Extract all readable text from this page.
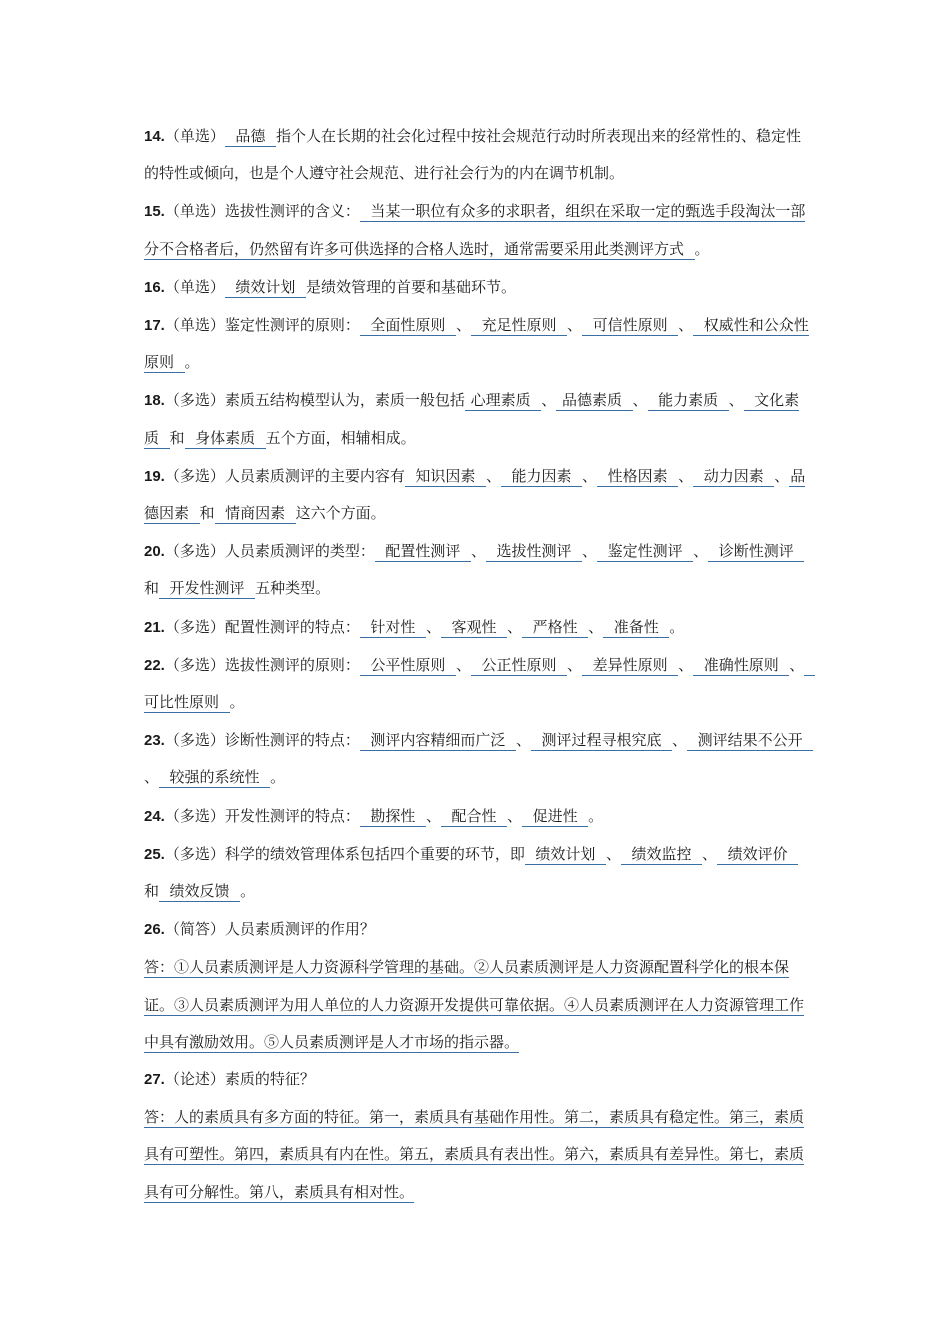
14.（单选）  品德  指个人在长期的社会化过程中按社会规范行动时所表现出来的经常性的、稳定性的特性或倾向，也是个人遵守社会规范、进行社会行为的内在调节机制。
15.（单选）选拔性测评的含义：  当某一职位有众多的求职者，组织在采取一定的甄选手段淘汰一部分不合格者后，仍然留有许多可供选择的合格人选时，通常需要采用此类测评方式  。
16.（单选）  绩效计划  是绩效管理的首要和基础环节。
17.（单选）鉴定性测评的原则：  全面性原则  、  充足性原则  、  可信性原则  、  权威性和公众性原则  。
18.（多选）素质五结构模型认为，素质一般包括 心理素质  、 品德素质  、  能力素质  、  文化素质  和  身体素质  五个方面，相辅相成。
19.（多选）人员素质测评的主要内容有  知识因素  、  能力因素  、  性格因素  、  动力因素  、品德因素  和  情商因素  这六个方面。
20.（多选）人员素质测评的类型：  配置性测评  、  选拔性测评  、  鉴定性测评  、  诊断性测评  和  开发性测评  五种类型。
21.（多选）配置性测评的特点：  针对性  、  客观性  、  严格性  、  准备性  。
22.（多选）选拔性测评的原则：  公平性原则  、  公正性原则  、  差异性原则  、  准确性原则  、  可比性原则  。
23.（多选）诊断性测评的特点：  测评内容精细而广泛  、  测评过程寻根究底  、  测评结果不公开  、  较强的系统性  。
24.（多选）开发性测评的特点：  勘探性  、  配合性  、  促进性  。
25.（多选）科学的绩效管理体系包括四个重要的环节，即  绩效计划  、  绩效监控  、  绩效评价  和  绩效反馈  。
26.（简答）人员素质测评的作用？
答：①人员素质测评是人力资源科学管理的基础。②人员素质测评是人力资源配置科学化的根本保证。③人员素质测评为用人单位的人力资源开发提供可靠依据。④人员素质测评在人力资源管理工作中具有激励效用。⑤人员素质测评是人才市场的指示器。
27.（论述）素质的特征？
答：人的素质具有多方面的特征。第一，素质具有基础作用性。第二，素质具有稳定性。第三，素质具有可塑性。第四，素质具有内在性。第五，素质具有表出性。第六，素质具有差异性。第七，素质具有可分解性。第八，素质具有相对性。
